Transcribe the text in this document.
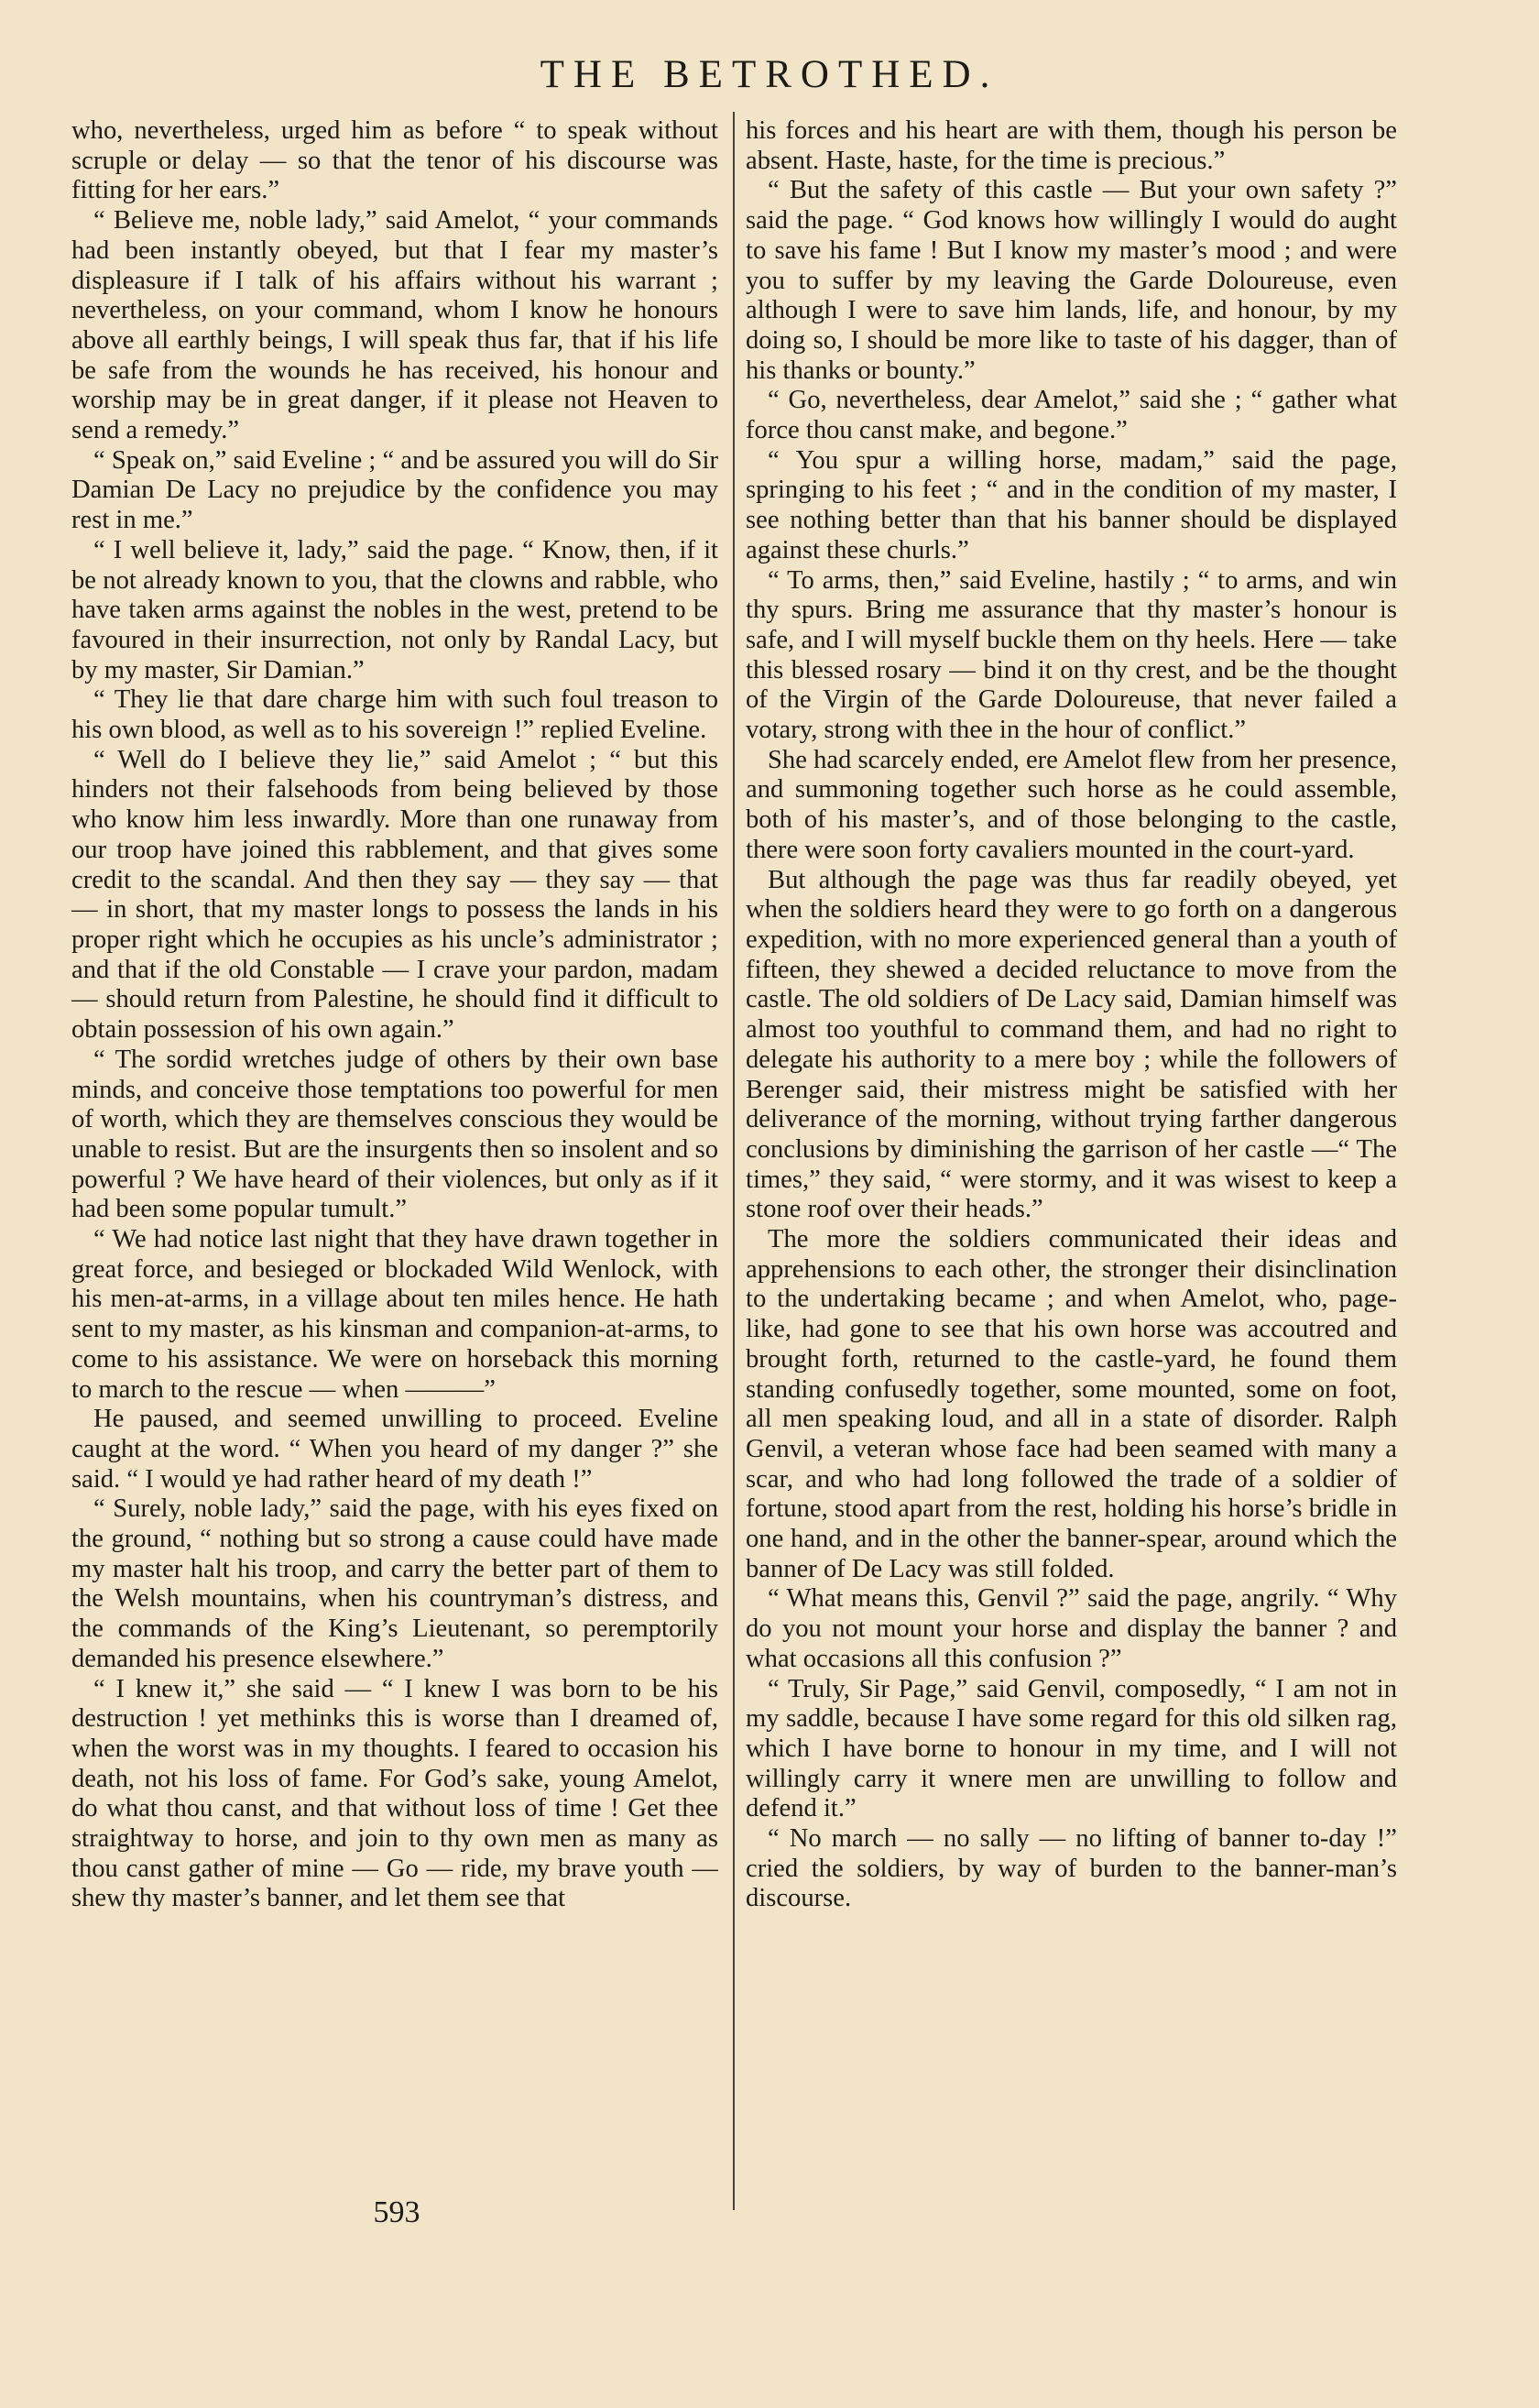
THE BETROTHED.

who, nevertheless, urged him as before “ to speak without scruple or delay — so that the tenor of his discourse was fitting for her ears.”

“ Believe me, noble lady,” said Amelot, “ your commands had been instantly obeyed, but that I fear my master’s displeasure if I talk of his affairs without his warrant ; nevertheless, on your command, whom I know he honours above all earthly beings, I will speak thus far, that if his life be safe from the wounds he has received, his honour and worship may be in great danger, if it please not Heaven to send a remedy.”

“ Speak on,” said Eveline ; “ and be assured you will do Sir Damian De Lacy no prejudice by the confidence you may rest in me.”

“ I well believe it, lady,” said the page. “ Know, then, if it be not already known to you, that the clowns and rabble, who have taken arms against the nobles in the west, pretend to be favoured in their insurrection, not only by Randal Lacy, but by my master, Sir Damian.”

“ They lie that dare charge him with such foul treason to his own blood, as well as to his sovereign !” replied Eveline.

“ Well do I believe they lie,” said Amelot ; “ but this hinders not their falsehoods from being believed by those who know him less inwardly. More than one runaway from our troop have joined this rabblement, and that gives some credit to the scandal. And then they say — they say — that — in short, that my master longs to possess the lands in his proper right which he occupies as his uncle’s administrator ; and that if the old Constable — I crave your pardon, madam — should return from Palestine, he should find it difficult to obtain possession of his own again.”

“ The sordid wretches judge of others by their own base minds, and conceive those temptations too powerful for men of worth, which they are themselves conscious they would be unable to resist. But are the insurgents then so insolent and so powerful ? We have heard of their violences, but only as if it had been some popular tumult.”

“ We had notice last night that they have drawn together in great force, and besieged or blockaded Wild Wenlock, with his men-at-arms, in a village about ten miles hence. He hath sent to my master, as his kinsman and companion-at-arms, to come to his assistance. We were on horseback this morning to march to the rescue — when ———”

He paused, and seemed unwilling to proceed. Eveline caught at the word. “ When you heard of my danger ?” she said. “ I would ye had rather heard of my death !”

“ Surely, noble lady,” said the page, with his eyes fixed on the ground, “ nothing but so strong a cause could have made my master halt his troop, and carry the better part of them to the Welsh mountains, when his countryman’s distress, and the commands of the King’s Lieutenant, so peremptorily demanded his presence elsewhere.”

“ I knew it,” she said — “ I knew I was born to be his destruction ! yet methinks this is worse than I dreamed of, when the worst was in my thoughts. I feared to occasion his death, not his loss of fame. For God’s sake, young Amelot, do what thou canst, and that without loss of time ! Get thee straightway to horse, and join to thy own men as many as thou canst gather of mine — Go — ride, my brave youth — shew thy master’s banner, and let them see that

his forces and his heart are with them, though his person be absent. Haste, haste, for the time is precious.”

“ But the safety of this castle — But your own safety ?” said the page. “ God knows how willingly I would do aught to save his fame ! But I know my master’s mood ; and were you to suffer by my leaving the Garde Doloureuse, even although I were to save him lands, life, and honour, by my doing so, I should be more like to taste of his dagger, than of his thanks or bounty.”

“ Go, nevertheless, dear Amelot,” said she ; “ gather what force thou canst make, and begone.”

“ You spur a willing horse, madam,” said the page, springing to his feet ; “ and in the condition of my master, I see nothing better than that his banner should be displayed against these churls.”

“ To arms, then,” said Eveline, hastily ; “ to arms, and win thy spurs. Bring me assurance that thy master’s honour is safe, and I will myself buckle them on thy heels. Here — take this blessed rosary — bind it on thy crest, and be the thought of the Virgin of the Garde Doloureuse, that never failed a votary, strong with thee in the hour of conflict.”

She had scarcely ended, ere Amelot flew from her presence, and summoning together such horse as he could assemble, both of his master’s, and of those belonging to the castle, there were soon forty cavaliers mounted in the court-yard.

But although the page was thus far readily obeyed, yet when the soldiers heard they were to go forth on a dangerous expedition, with no more experienced general than a youth of fifteen, they shewed a decided reluctance to move from the castle. The old soldiers of De Lacy said, Damian himself was almost too youthful to command them, and had no right to delegate his authority to a mere boy ; while the followers of Berenger said, their mistress might be satisfied with her deliverance of the morning, without trying farther dangerous conclusions by diminishing the garrison of her castle —“ The times,” they said, “ were stormy, and it was wisest to keep a stone roof over their heads.”

The more the soldiers communicated their ideas and apprehensions to each other, the stronger their disinclination to the undertaking became ; and when Amelot, who, page-like, had gone to see that his own horse was accoutred and brought forth, returned to the castle-yard, he found them standing confusedly together, some mounted, some on foot, all men speaking loud, and all in a state of disorder. Ralph Genvil, a veteran whose face had been seamed with many a scar, and who had long followed the trade of a soldier of fortune, stood apart from the rest, holding his horse’s bridle in one hand, and in the other the banner-spear, around which the banner of De Lacy was still folded.

“ What means this, Genvil ?” said the page, angrily. “ Why do you not mount your horse and display the banner ? and what occasions all this confusion ?”

“ Truly, Sir Page,” said Genvil, composedly, “ I am not in my saddle, because I have some regard for this old silken rag, which I have borne to honour in my time, and I will not willingly carry it wnere men are unwilling to follow and defend it.”

“ No march — no sally — no lifting of banner to-day !” cried the soldiers, by way of burden to the banner-man’s discourse.

593
